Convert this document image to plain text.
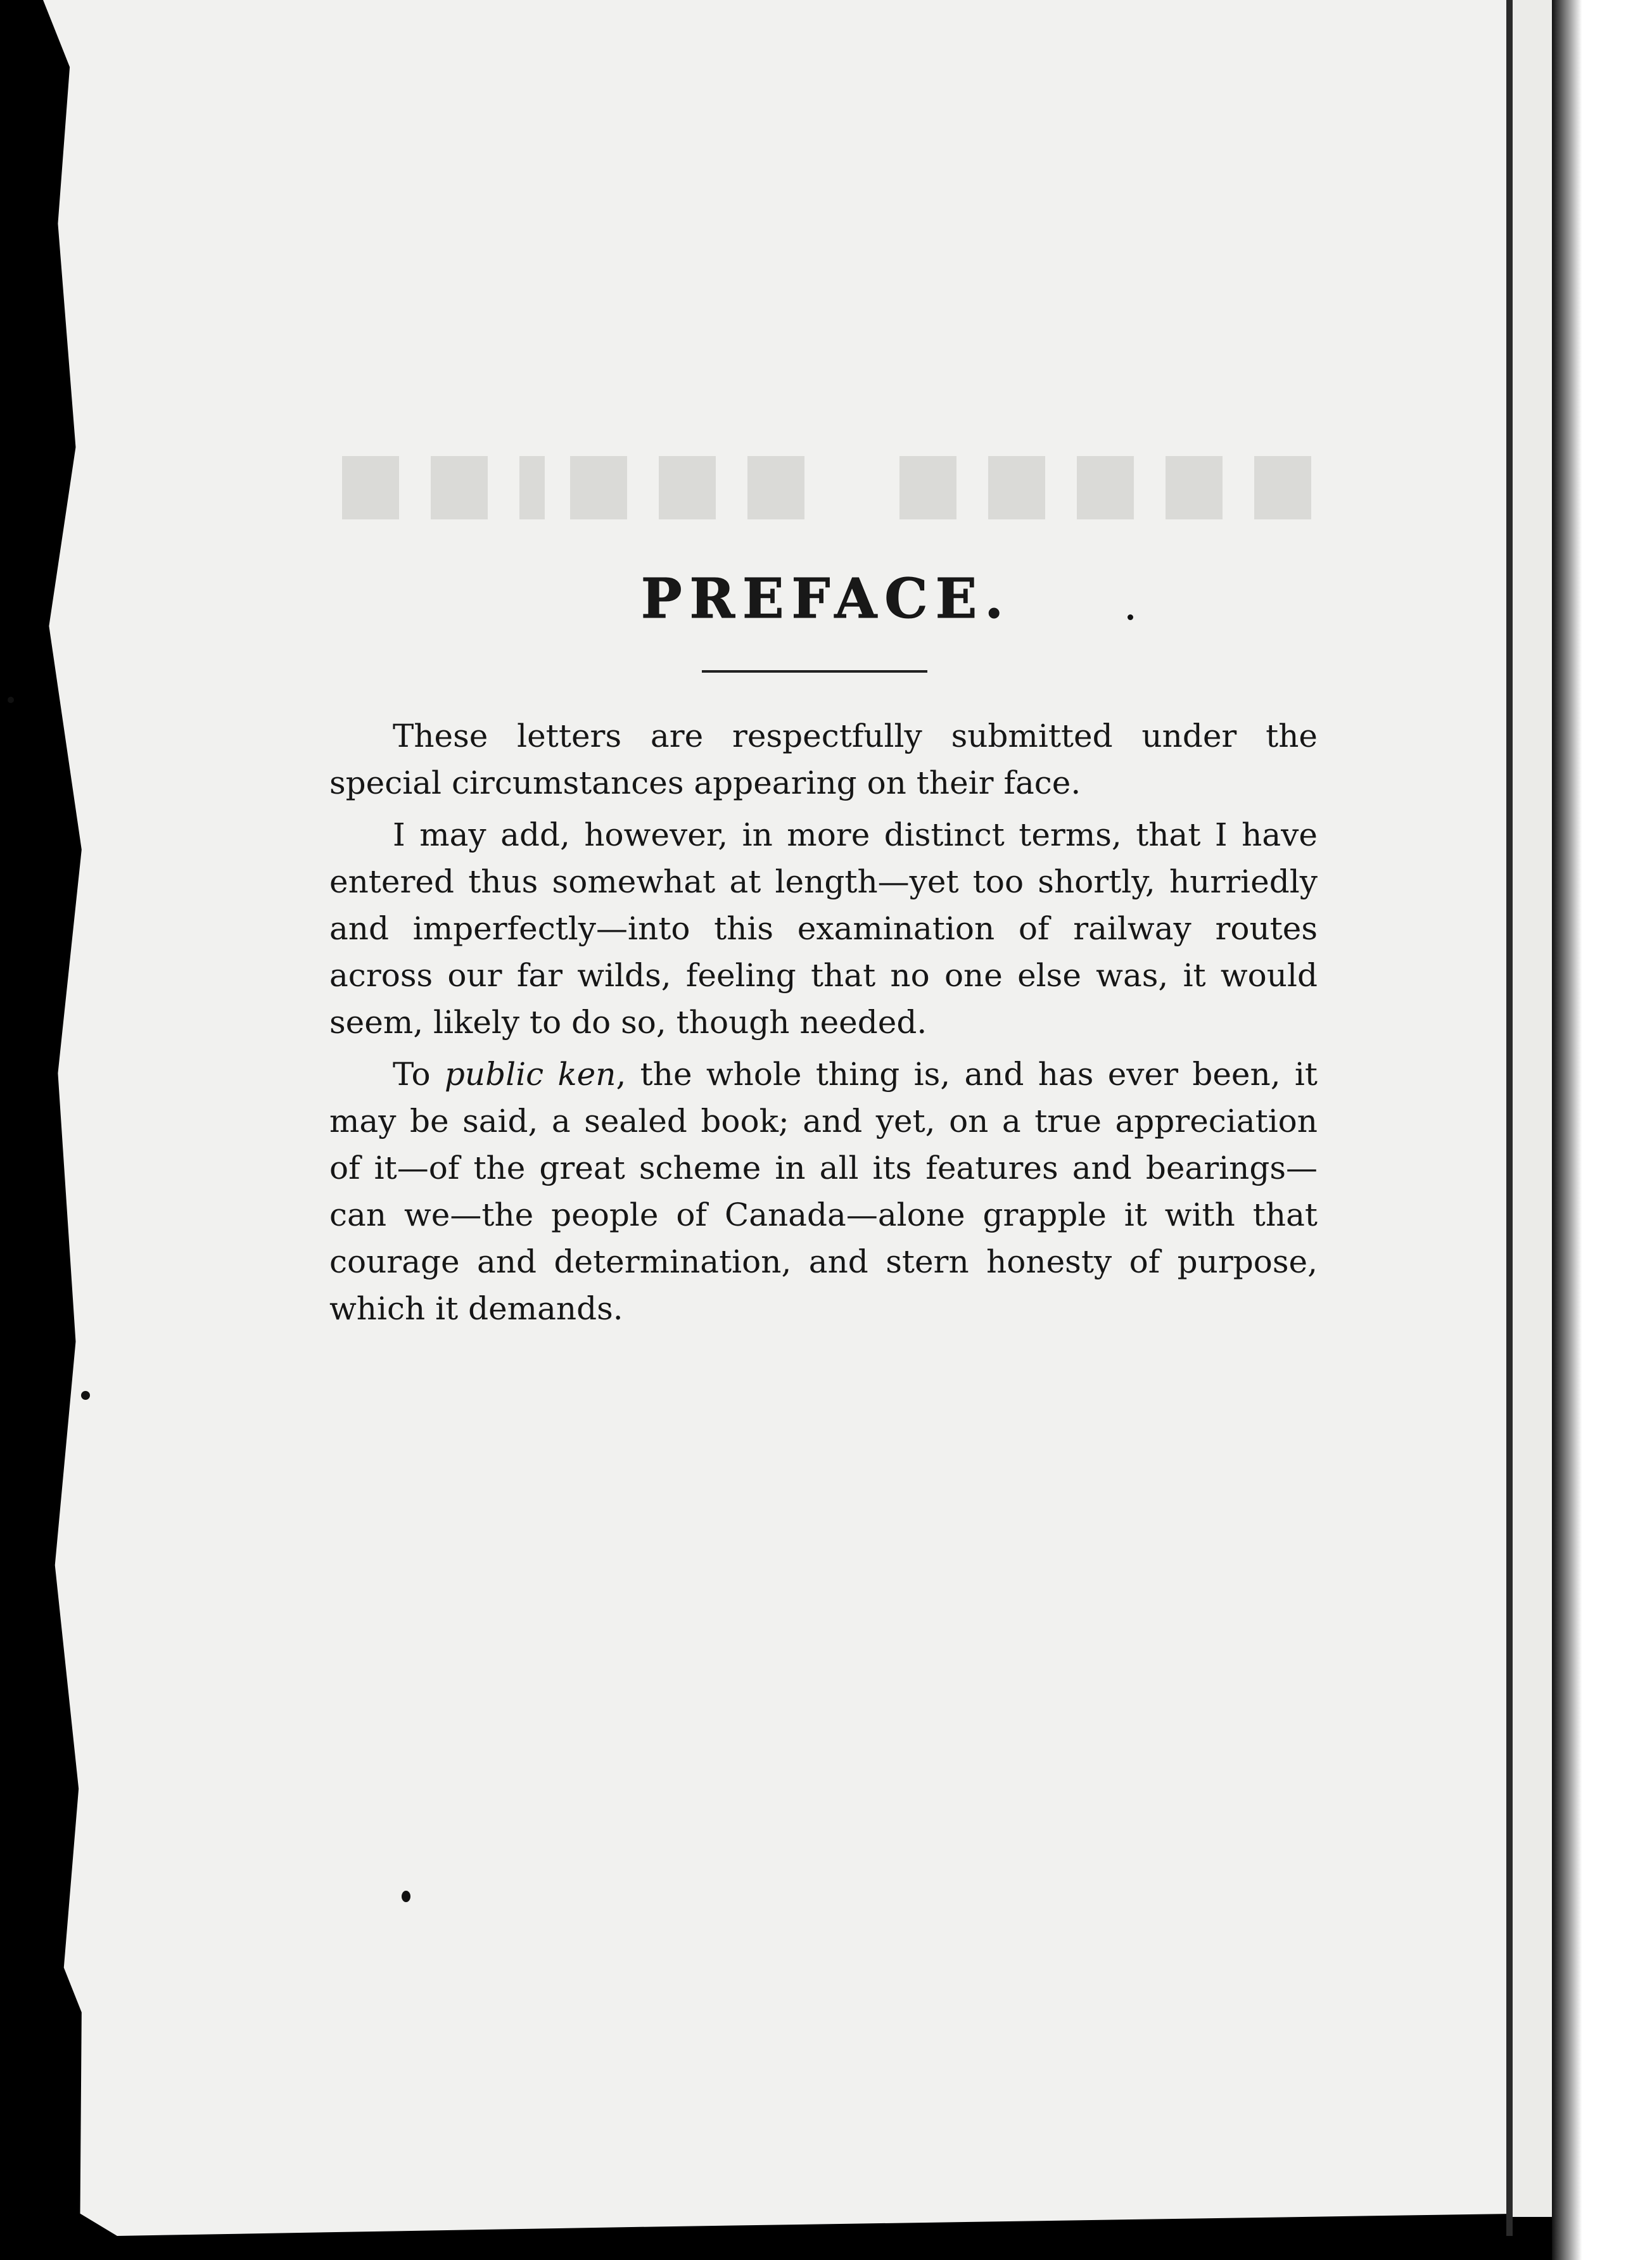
PREFACE.

These letters are respectfully submitted under the special circumstances appearing on their face.

I may add, however, in more distinct terms, that I have entered thus somewhat at length—yet too shortly, hurriedly and imperfectly—into this examination of railway routes across our far wilds, feeling that no one else was, it would seem, likely to do so, though needed.

To public ken, the whole thing is, and has ever been, it may be said, a sealed book; and yet, on a true appreciation of it—of the great scheme in all its features and bearings—can we—the people of Canada—alone grapple it with that courage and determination, and stern honesty of purpose, which it demands.
